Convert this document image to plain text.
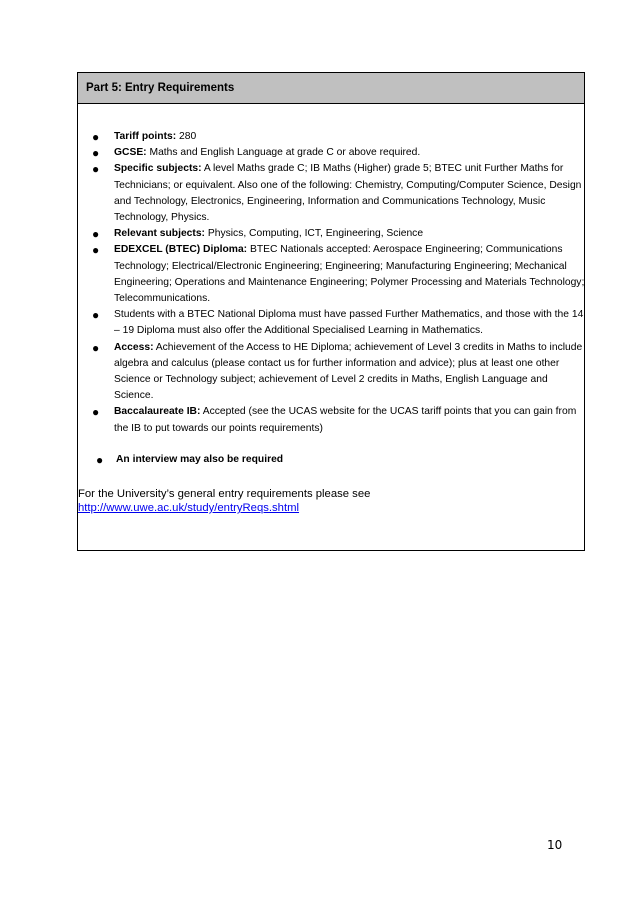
Part 5: Entry Requirements
● Tariff points: 280
● GCSE: Maths and English Language at grade C or above required.
● Specific subjects: A level Maths grade C; IB Maths (Higher) grade 5; BTEC unit Further Maths for Technicians; or equivalent. Also one of the following: Chemistry, Computing/Computer Science, Design and Technology, Electronics, Engineering, Information and Communications Technology, Music Technology, Physics.
● Relevant subjects: Physics, Computing, ICT, Engineering, Science
● EDEXCEL (BTEC) Diploma: BTEC Nationals accepted: Aerospace Engineering; Communications Technology; Electrical/Electronic Engineering; Engineering; Manufacturing Engineering; Mechanical Engineering; Operations and Maintenance Engineering; Polymer Processing and Materials Technology; Telecommunications.
● Students with a BTEC National Diploma must have passed Further Mathematics, and those with the 14 – 19 Diploma must also offer the Additional Specialised Learning in Mathematics.
● Access: Achievement of the Access to HE Diploma; achievement of Level 3 credits in Maths to include algebra and calculus (please contact us for further information and advice); plus at least one other Science or Technology subject; achievement of Level 2 credits in Maths, English Language and Science.
● Baccalaureate IB: Accepted (see the UCAS website for the UCAS tariff points that you can gain from the IB to put towards our points requirements)
● An interview may also be required
For the University’s general entry requirements please see
http://www.uwe.ac.uk/study/entryReqs.shtml
10
